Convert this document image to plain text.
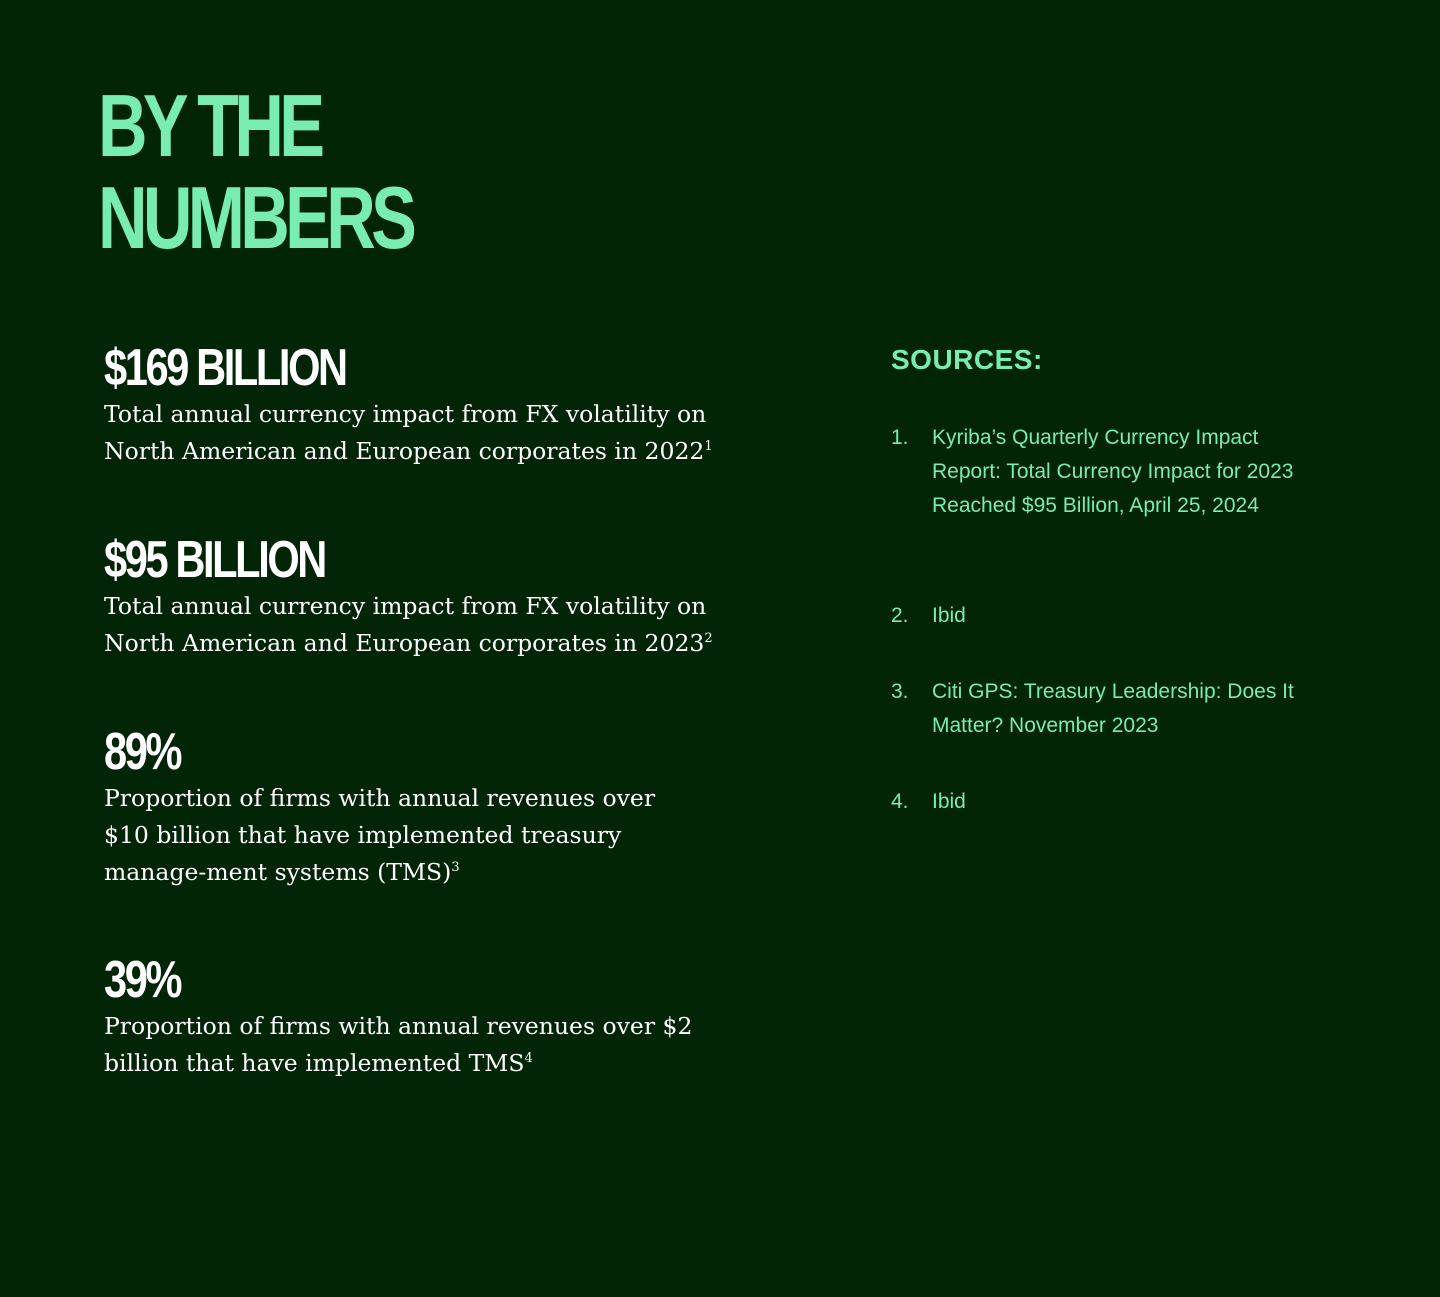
BY THE
NUMBERS

$169 BILLION

Total annual currency impact from FX volatility on North American and European corporates in 2022$^1$

$95 BILLION

Total annual currency impact from FX volatility on North American and European corporates in 2023$^2$

89%

Proportion of firms with annual revenues over $10 billion that have implemented treasury manage-ment systems (TMS)$^3$

39%

Proportion of firms with annual revenues over $2 billion that have implemented TMS$^4$

SOURCES:
1. Kyriba’s Quarterly Currency Impact Report: Total Currency Impact for 2023 Reached $95 Billion, April 25, 2024
2. Ibid
3. Citi GPS: Treasury Leadership: Does It Matter? November 2023
4. Ibid
